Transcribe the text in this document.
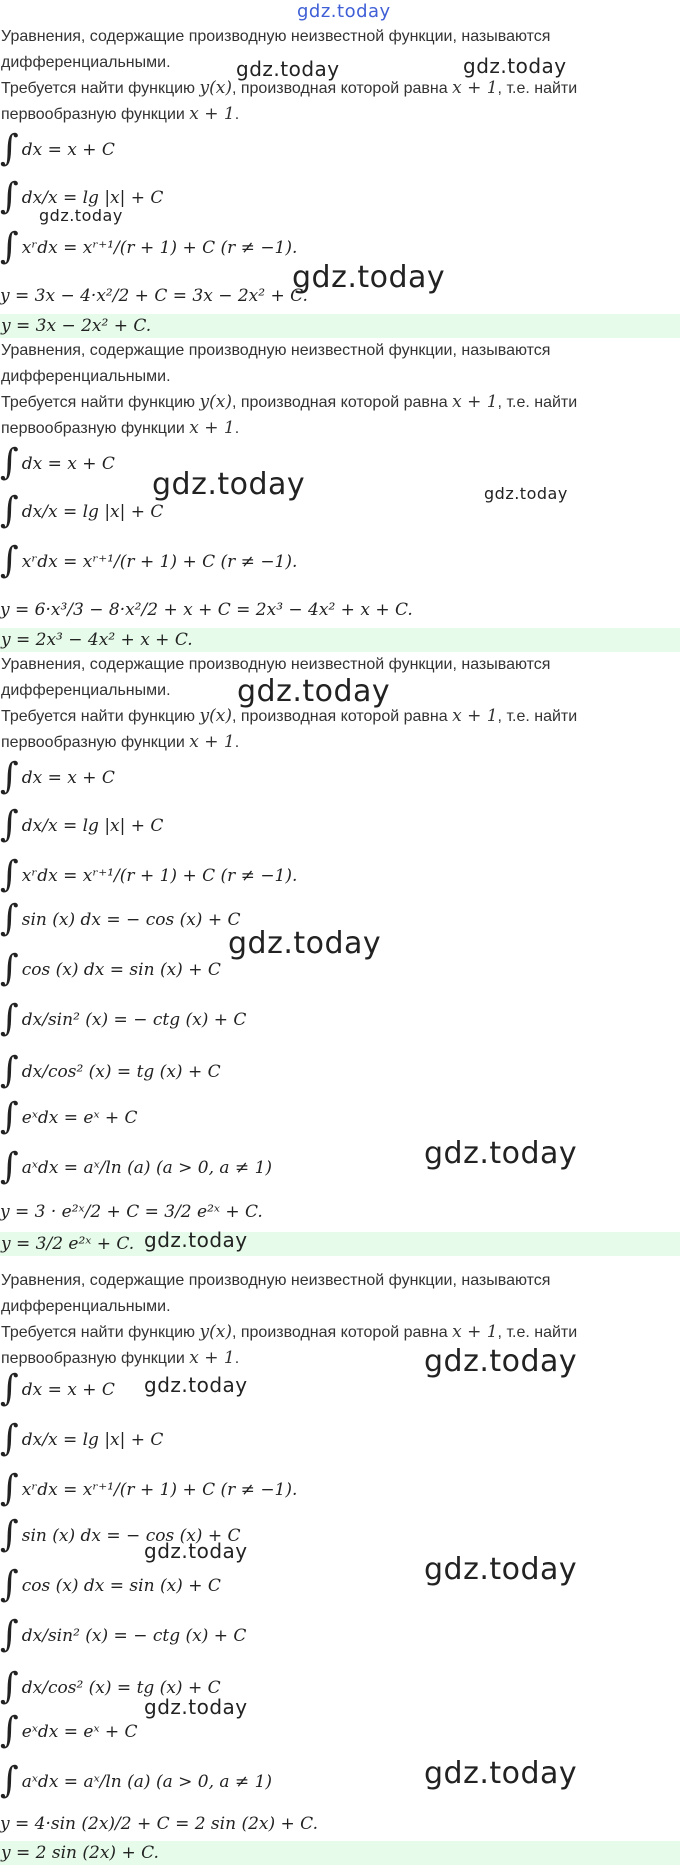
gdz.today
Уравнения, содержащие производную неизвестной функции, называются
дифференциальными.
Требуется найти функцию y(x), производная которой равна x + 1, т.е. найти
первообразную функции x + 1.
∫ dx = x + C
∫ dx/x = lg |x| + C
∫ xʳdx = xʳ⁺¹/(r + 1) + C (r ≠ −1).
y = 3x − 4·x²/2 + C = 3x − 2x² + C.
y = 3x − 2x² + C.
Уравнения, содержащие производную неизвестной функции, называются
дифференциальными.
Требуется найти функцию y(x), производная которой равна x + 1, т.е. найти
первообразную функции x + 1.
∫ dx = x + C
∫ dx/x = lg |x| + C
∫ xʳdx = xʳ⁺¹/(r + 1) + C (r ≠ −1).
y = 6·x³/3 − 8·x²/2 + x + C = 2x³ − 4x² + x + C.
y = 2x³ − 4x² + x + C.
Уравнения, содержащие производную неизвестной функции, называются
дифференциальными.
Требуется найти функцию y(x), производная которой равна x + 1, т.е. найти
первообразную функции x + 1.
∫ dx = x + C
∫ dx/x = lg |x| + C
∫ xʳdx = xʳ⁺¹/(r + 1) + C (r ≠ −1).
∫ sin (x) dx = − cos (x) + C
∫ cos (x) dx = sin (x) + C
∫ dx/sin² (x) = − ctg (x) + C
∫ dx/cos² (x) = tg (x) + C
∫ eˣdx = eˣ + C
∫ aˣdx = aˣ/ln (a) (a > 0, a ≠ 1)
y = 3 · e²ˣ/2 + C = 3/2 e²ˣ + C.
y = 3/2 e²ˣ + C.
Уравнения, содержащие производную неизвестной функции, называются
дифференциальными.
Требуется найти функцию y(x), производная которой равна x + 1, т.е. найти
первообразную функции x + 1.
∫ dx = x + C
∫ dx/x = lg |x| + C
∫ xʳdx = xʳ⁺¹/(r + 1) + C (r ≠ −1).
∫ sin (x) dx = − cos (x) + C
∫ cos (x) dx = sin (x) + C
∫ dx/sin² (x) = − ctg (x) + C
∫ dx/cos² (x) = tg (x) + C
∫ eˣdx = eˣ + C
∫ aˣdx = aˣ/ln (a) (a > 0, a ≠ 1)
y = 4·sin (2x)/2 + C = 2 sin (2x) + C.
y = 2 sin (2x) + C.
gdz.today	gdz.today
gdz.today
gdz.today
gdz.today	gdz.today
gdz.today
gdz.today
gdz.today
gdz.today
gdz.today
gdz.today
gdz.today
gdz.today
gdz.today
gdz.today
